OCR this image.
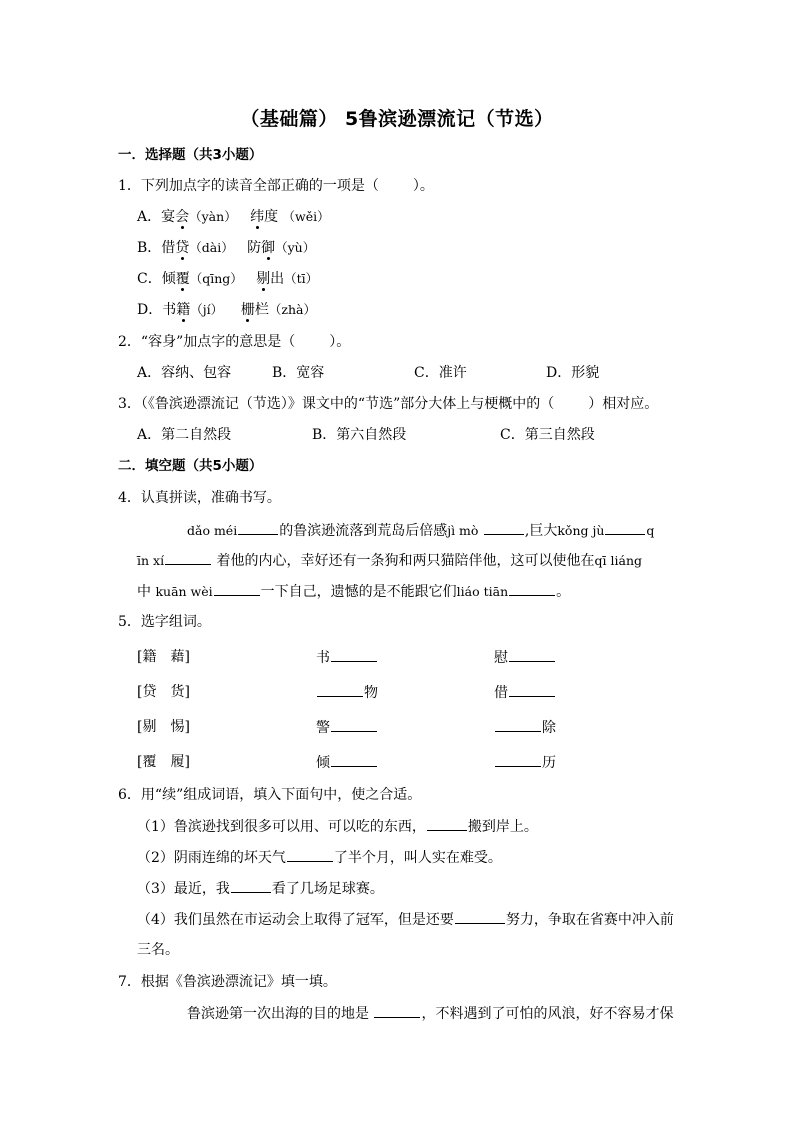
（基础篇） 5鲁滨逊漂流记（节选）
一．选择题（共3小题）
1．下列加点字的读音全部正确的一项是（ ）。
A．宴会（yàn） 纬度 （wěi）
B．借贷（dài） 防御（yù）
C．倾覆（qīng） 剔出（tī）
D．书籍（jí） 栅栏（zhà）
2．“容身”加点字的意思是（ ）。
A．容纳、包容	B．宽容	C．准许	D．形貌
3．（《鲁滨逊漂流记（节选）》课文中的“节选”部分大体上与梗概中的（ ）相对应。
A．第二自然段	B．第六自然段	C．第三自然段
二．填空题（共5小题）
4．认真拼读，准确书写。
dǎo méi	的鲁滨逊流落到荒岛后倍感jì mò	,巨大kǒng jù	q
īn xí	着他的内心，幸好还有一条狗和两只猫陪伴他，这可以使他在qī liáng
中 kuān wèi	一下自己，遗憾的是不能跟它们liáo tiān	。
5．选字组词。
[籍　藉]	书	慰
[贷　货]	物	借
[剔　惕]	警	除
[覆　履]	倾	历
6．用“续”组成词语，填入下面句中，使之合适。
（1）鲁滨逊找到很多可以用、可以吃的东西，	搬到岸上。
（2）阴雨连绵的坏天气	了半个月，叫人实在难受。
（3）最近，我	看了几场足球赛。
（4）我们虽然在市运动会上取得了冠军，但是还要	努力，争取在省赛中冲入前
三名。
7．根据《鲁滨逊漂流记》填一填。
鲁滨逊第一次出海的目的地是	，不料遇到了可怕的风浪，好不容易才保
